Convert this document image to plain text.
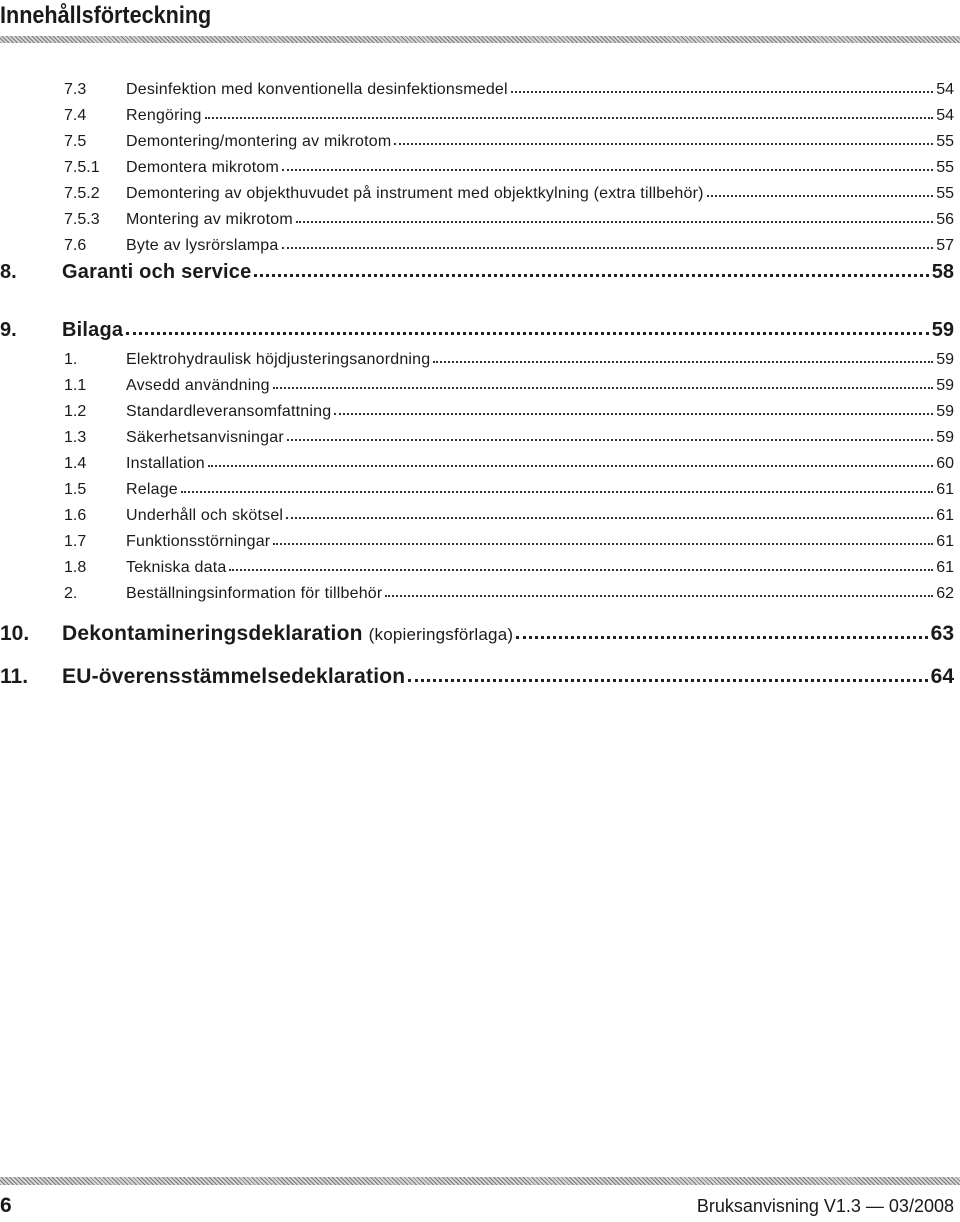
Innehållsförteckning
7.3	Desinfektion med konventionella desinfektionsmedel	54
7.4	Rengöring	54
7.5	Demontering/montering av mikrotom	55
7.5.1	Demontera mikrotom	55
7.5.2	Demontering av objekthuvudet på instrument med objektkylning (extra tillbehör)	55
7.5.3	Montering av mikrotom	56
7.6	Byte av lysrörslampa	57
8.	Garanti och service	58
9.	Bilaga	59
1.	Elektrohydraulisk höjdjusteringsanordning	59
1.1	Avsedd användning	59
1.2	Standardleveransomfattning	59
1.3	Säkerhetsanvisningar	59
1.4	Installation	60
1.5	Relage	61
1.6	Underhåll och skötsel	61
1.7	Funktionsstörningar	61
1.8	Tekniska data	61
2.	Beställningsinformation för tillbehör	62
10.	Dekontamineringsdeklaration (kopieringsförlaga)	63
11.	EU-överensstämmelsedeklaration	64
6	Bruksanvisning V1.3 — 03/2008
